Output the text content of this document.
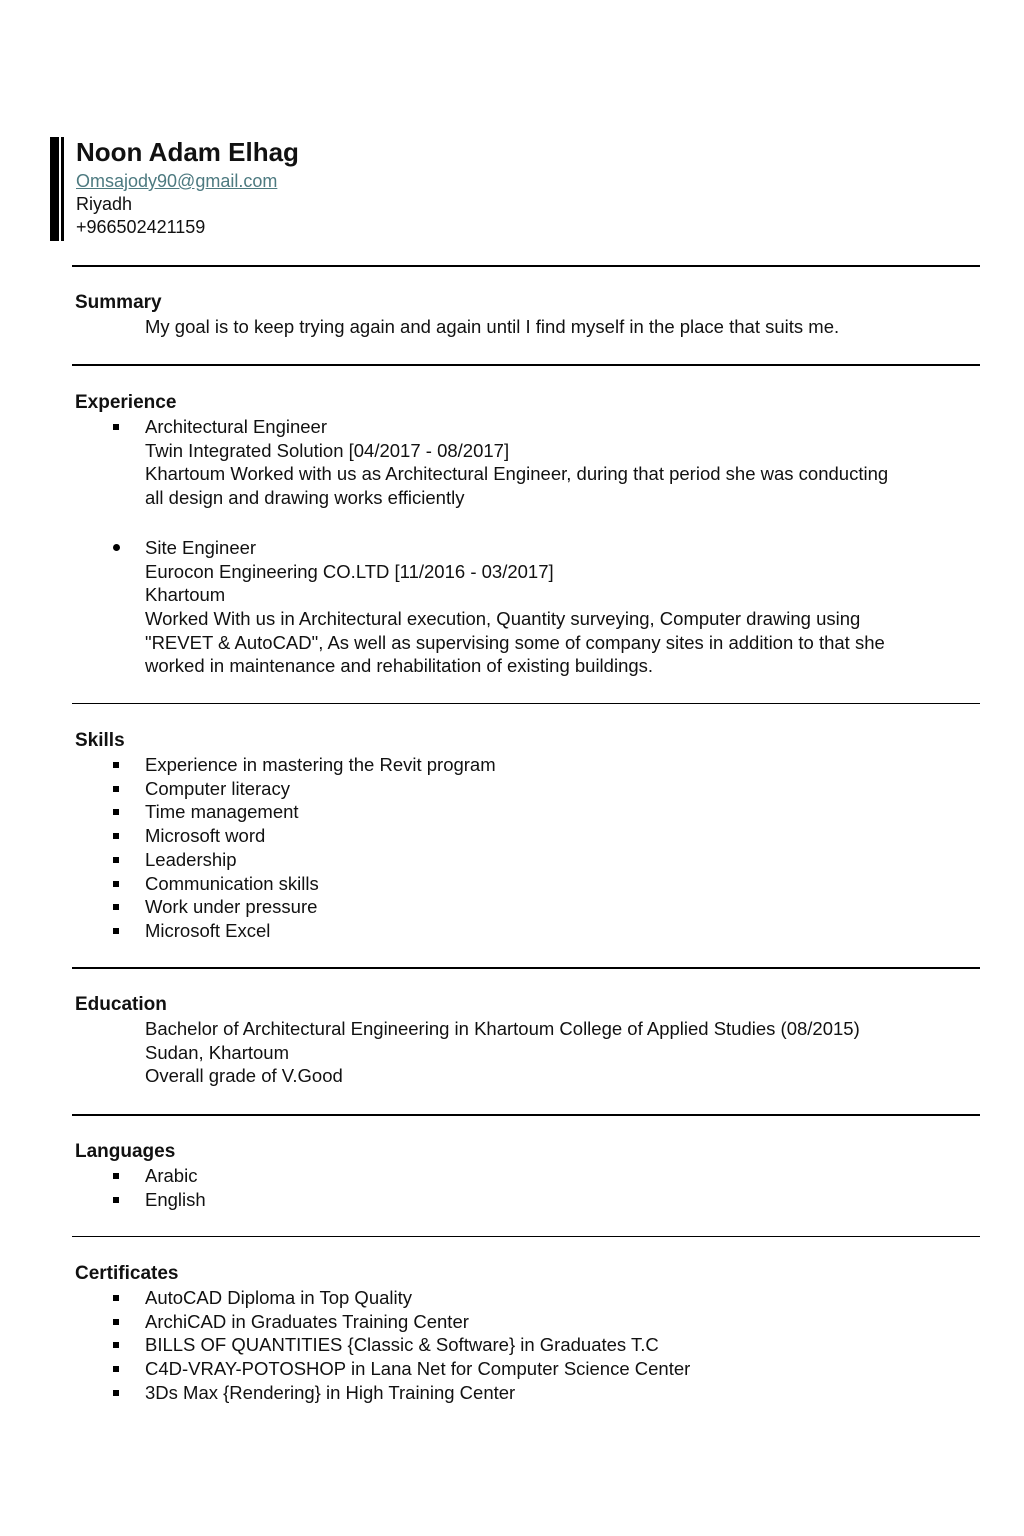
Noon Adam Elhag
Omsajody90@gmail.com
Riyadh
+966502421159
Summary
My goal is to keep trying again and again until I find myself in the place that suits me.
Experience
Architectural Engineer
Twin Integrated Solution [04/2017 - 08/2017]
Khartoum Worked with us as Architectural Engineer, during that period she was conducting
all design and drawing works efficiently
Site Engineer
Eurocon Engineering CO.LTD [11/2016 - 03/2017]
Khartoum
Worked With us in Architectural execution, Quantity surveying, Computer drawing using
"REVET & AutoCAD", As well as supervising some of company sites in addition to that she
worked in maintenance and rehabilitation of existing buildings.
Skills
Experience in mastering the Revit program
Computer literacy
Time management
Microsoft word
Leadership
Communication skills
Work under pressure
Microsoft Excel
Education
Bachelor of Architectural Engineering in Khartoum College of Applied Studies (08/2015)
Sudan, Khartoum
Overall grade of V.Good
Languages
Arabic
English
Certificates
AutoCAD Diploma in Top Quality
ArchiCAD in Graduates Training Center
BILLS OF QUANTITIES {Classic & Software} in Graduates T.C
C4D-VRAY-POTOSHOP in Lana Net for Computer Science Center
3Ds Max {Rendering} in High Training Center
